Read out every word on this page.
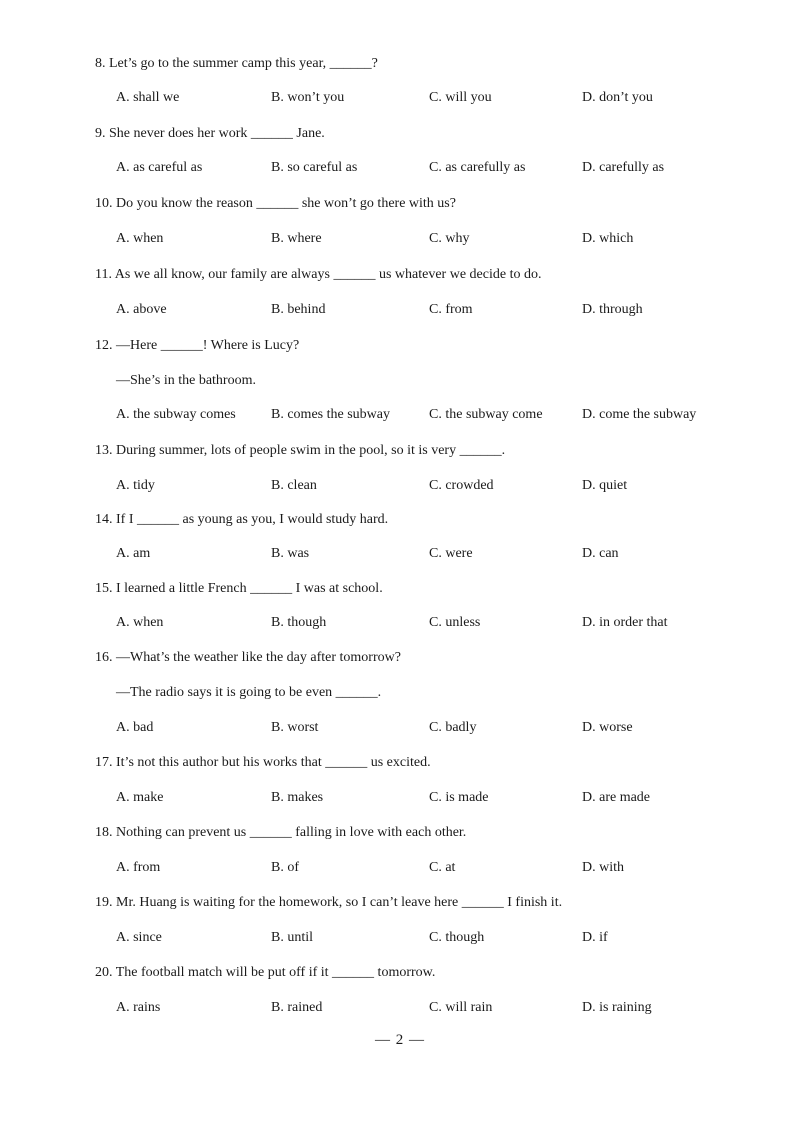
8. Let’s go to the summer camp this year, ______?
A. shall we	B. won’t you	C. will you	D. don’t you
9. She never does her work ______ Jane.
A. as careful as	B. so careful as	C. as carefully as	D. carefully as
10. Do you know the reason ______ she won’t go there with us?
A. when	B. where	C. why	D. which
11. As we all know, our family are always ______ us whatever we decide to do.
A. above	B. behind	C. from	D. through
12. —Here ______! Where is Lucy?
—She’s in the bathroom.
A. the subway comes	B. comes the subway	C. the subway come	D. come the subway
13. During summer, lots of people swim in the pool, so it is very ______.
A. tidy	B. clean	C. crowded	D. quiet
14. If I ______ as young as you, I would study hard.
A. am	B. was	C. were	D. can
15. I learned a little French ______ I was at school.
A. when	B. though	C. unless	D. in order that
16. —What’s the weather like the day after tomorrow?
—The radio says it is going to be even ______.
A. bad	B. worst	C. badly	D. worse
17. It’s not this author but his works that ______ us excited.
A. make	B. makes	C. is made	D. are made
18. Nothing can prevent us ______ falling in love with each other.
A. from	B. of	C. at	D. with
19. Mr. Huang is waiting for the homework, so I can’t leave here ______ I finish it.
A. since	B. until	C. though	D. if
20. The football match will be put off if it ______ tomorrow.
A. rains	B. rained	C. will rain	D. is raining
— 2 —
